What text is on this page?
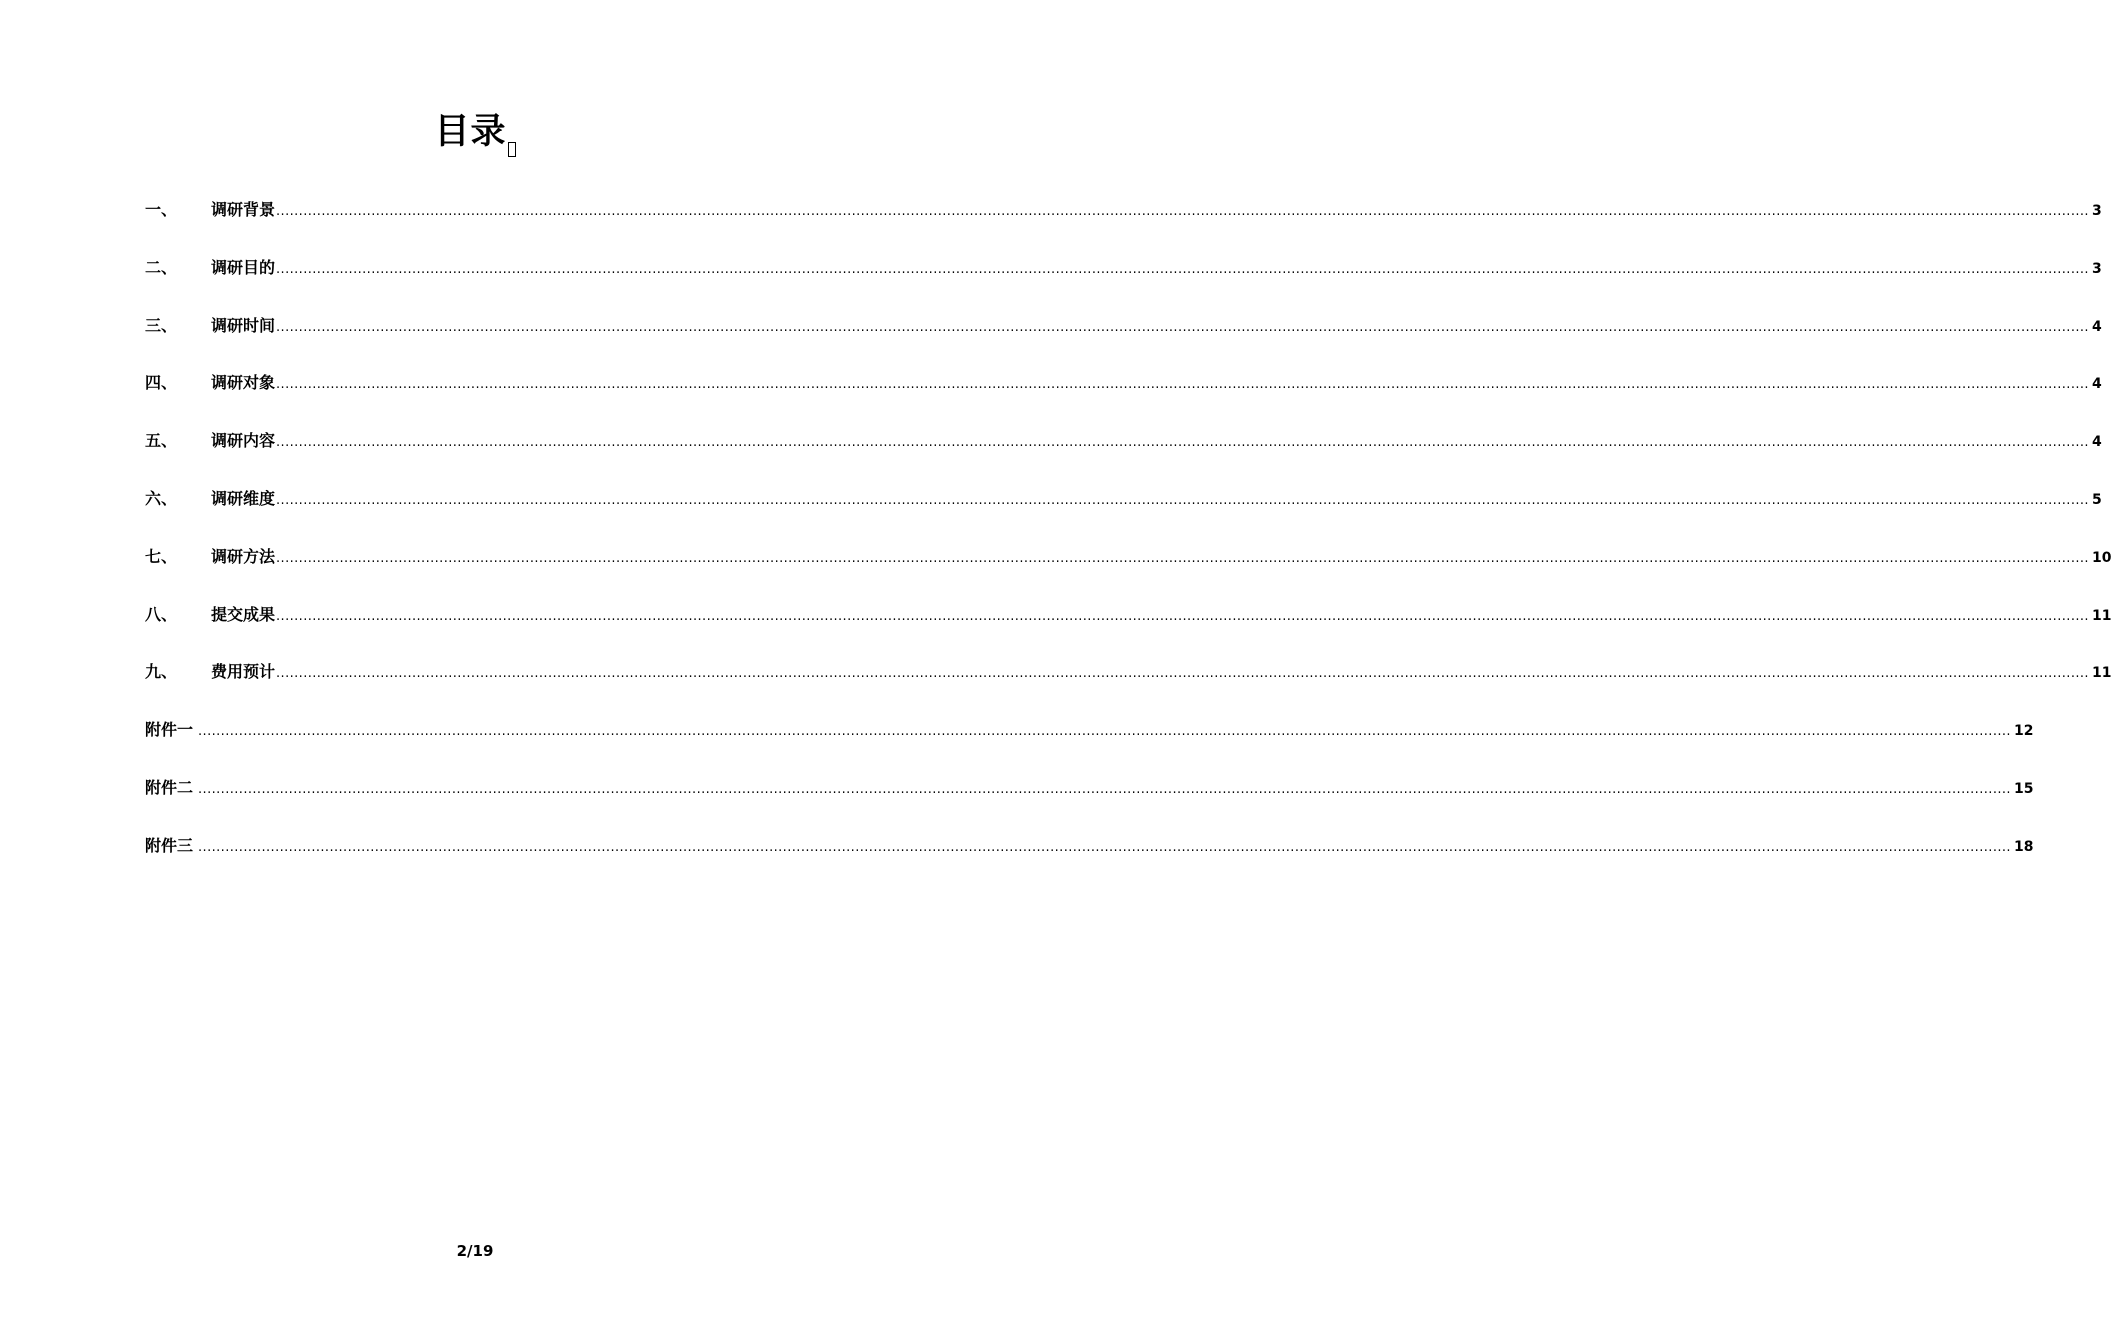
目录
一、	调研背景 ................................................................................................................................................................................................................................................................................................................................................................................................................ 3
二、	调研目的 ................................................................................................................................................................................................................................................................................................................................................................................................................ 3
三、	调研时间 ................................................................................................................................................................................................................................................................................................................................................................................................................ 4
四、	调研对象 ................................................................................................................................................................................................................................................................................................................................................................................................................ 4
五、	调研内容 ................................................................................................................................................................................................................................................................................................................................................................................................................ 4
六、	调研维度 ................................................................................................................................................................................................................................................................................................................................................................................................................ 5
七、	调研方法 ................................................................................................................................................................................................................................................................................................................................................................................................................ 10
八、	提交成果 ................................................................................................................................................................................................................................................................................................................................................................................................................ 11
九、	费用预计 ................................................................................................................................................................................................................................................................................................................................................................................................................ 11
附件一 ................................................................................................................................................................................................................................................................................................................................................................................................................ 12
附件二 ................................................................................................................................................................................................................................................................................................................................................................................................................ 15
附件三 ................................................................................................................................................................................................................................................................................................................................................................................................................ 18
2/19
